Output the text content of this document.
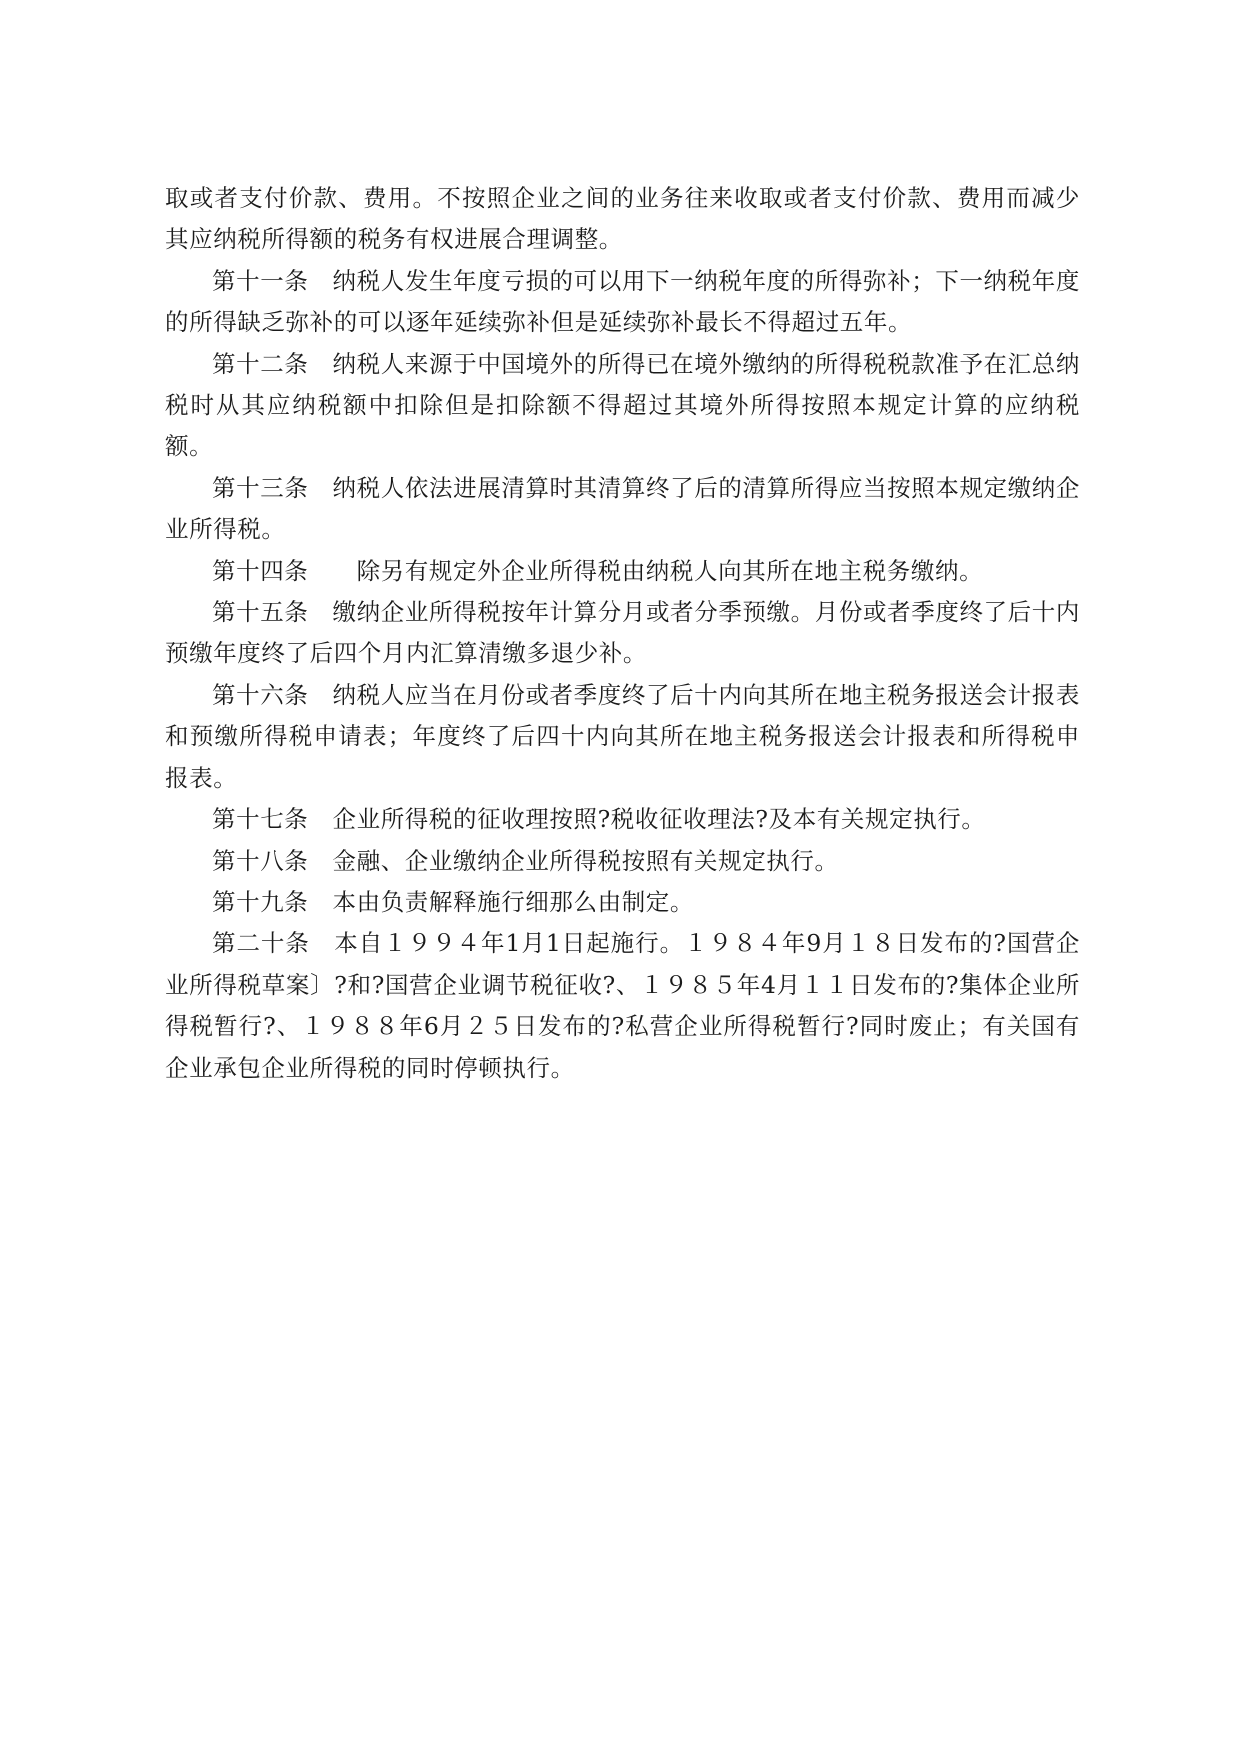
取或者支付价款、费用。不按照企业之间的业务往来收取或者支付价款、费用而减少其应纳税所得额的税务有权进展合理调整。

第十一条　纳税人发生年度亏损的可以用下一纳税年度的所得弥补；下一纳税年度的所得缺乏弥补的可以逐年延续弥补但是延续弥补最长不得超过五年。

第十二条　纳税人来源于中国境外的所得已在境外缴纳的所得税税款准予在汇总纳税时从其应纳税额中扣除但是扣除额不得超过其境外所得按照本规定计算的应纳税额。

第十三条　纳税人依法进展清算时其清算终了后的清算所得应当按照本规定缴纳企业所得税。

第十四条　　除另有规定外企业所得税由纳税人向其所在地主税务缴纳。

第十五条　缴纳企业所得税按年计算分月或者分季预缴。月份或者季度终了后十内预缴年度终了后四个月内汇算清缴多退少补。

第十六条　纳税人应当在月份或者季度终了后十内向其所在地主税务报送会计报表和预缴所得税申请表；年度终了后四十内向其所在地主税务报送会计报表和所得税申报表。

第十七条　企业所得税的征收理按照?税收征收理法?及本有关规定执行。

第十八条　金融、企业缴纳企业所得税按照有关规定执行。

第十九条　本由负责解释施行细那么由制定。

第二十条　本自１９９４年1月1日起施行。１９８４年9月１８日发布的?国营企业所得税草案〕?和?国营企业调节税征收?、１９８５年4月１１日发布的?集体企业所得税暂行?、１９８８年6月２５日发布的?私营企业所得税暂行?同时废止；有关国有企业承包企业所得税的同时停顿执行。
